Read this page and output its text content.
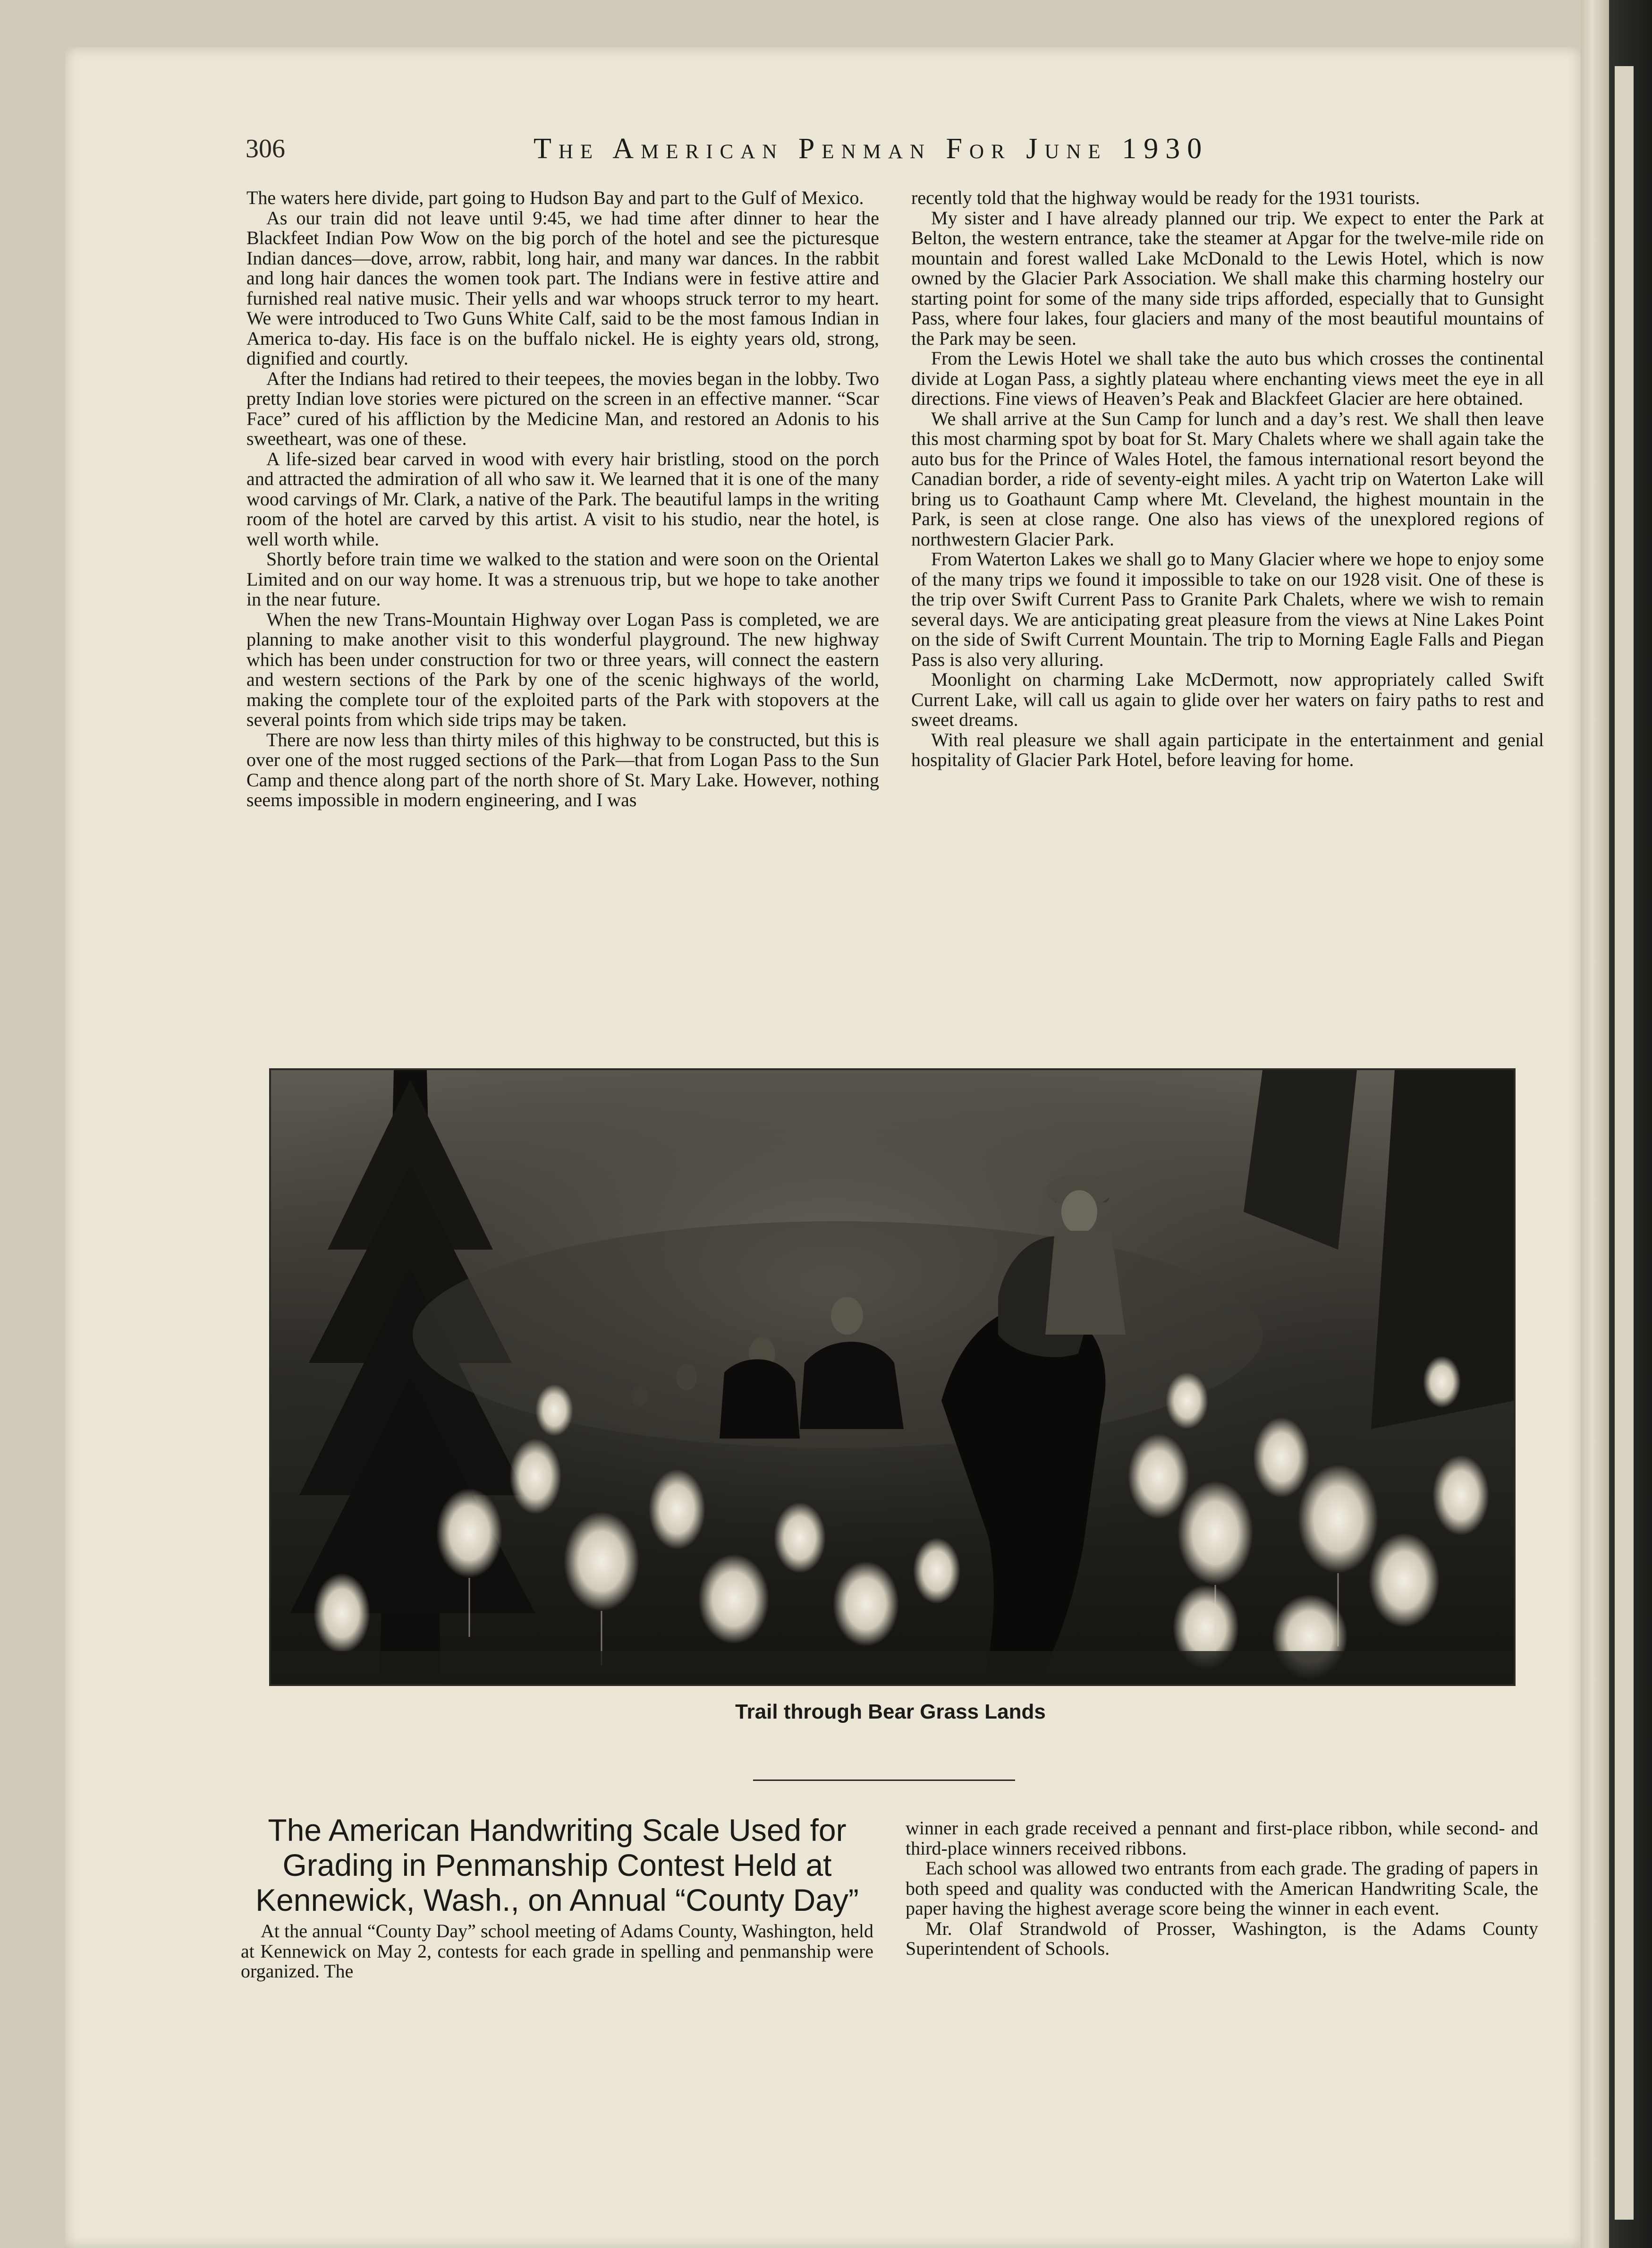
306	The American Penman For June 1930

The waters here divide, part going to Hudson Bay and part to the Gulf of Mexico.

As our train did not leave until 9:45, we had time after dinner to hear the Blackfeet Indian Pow Wow on the big porch of the hotel and see the picturesque Indian dances—dove, arrow, rabbit, long hair, and many war dances. In the rabbit and long hair dances the women took part. The Indians were in festive attire and furnished real native music. Their yells and war whoops struck terror to my heart. We were introduced to Two Guns White Calf, said to be the most famous Indian in America to-day. His face is on the buffalo nickel. He is eighty years old, strong, dignified and courtly.

After the Indians had retired to their teepees, the movies began in the lobby. Two pretty Indian love stories were pictured on the screen in an effective manner. “Scar Face” cured of his affliction by the Medicine Man, and restored an Adonis to his sweetheart, was one of these.

A life-sized bear carved in wood with every hair bristling, stood on the porch and attracted the admiration of all who saw it. We learned that it is one of the many wood carvings of Mr. Clark, a native of the Park. The beautiful lamps in the writing room of the hotel are carved by this artist. A visit to his studio, near the hotel, is well worth while.

Shortly before train time we walked to the station and were soon on the Oriental Limited and on our way home. It was a strenuous trip, but we hope to take another in the near future.

When the new Trans-Mountain Highway over Logan Pass is completed, we are planning to make another visit to this wonderful playground. The new highway which has been under construction for two or three years, will connect the eastern and western sections of the Park by one of the scenic highways of the world, making the complete tour of the exploited parts of the Park with stopovers at the several points from which side trips may be taken.

There are now less than thirty miles of this highway to be constructed, but this is over one of the most rugged sections of the Park—that from Logan Pass to the Sun Camp and thence along part of the north shore of St. Mary Lake. However, nothing seems impossible in modern engineering, and I was

recently told that the highway would be ready for the 1931 tourists.

My sister and I have already planned our trip. We expect to enter the Park at Belton, the western entrance, take the steamer at Apgar for the twelve-mile ride on mountain and forest walled Lake McDonald to the Lewis Hotel, which is now owned by the Glacier Park Association. We shall make this charming hostelry our starting point for some of the many side trips afforded, especially that to Gunsight Pass, where four lakes, four glaciers and many of the most beautiful mountains of the Park may be seen.

From the Lewis Hotel we shall take the auto bus which crosses the continental divide at Logan Pass, a sightly plateau where enchanting views meet the eye in all directions. Fine views of Heaven’s Peak and Blackfeet Glacier are here obtained.

We shall arrive at the Sun Camp for lunch and a day’s rest. We shall then leave this most charming spot by boat for St. Mary Chalets where we shall again take the auto bus for the Prince of Wales Hotel, the famous international resort beyond the Canadian border, a ride of seventy-eight miles. A yacht trip on Waterton Lake will bring us to Goathaunt Camp where Mt. Cleveland, the highest mountain in the Park, is seen at close range. One also has views of the unexplored regions of northwestern Glacier Park.

From Waterton Lakes we shall go to Many Glacier where we hope to enjoy some of the many trips we found it impossible to take on our 1928 visit. One of these is the trip over Swift Current Pass to Granite Park Chalets, where we wish to remain several days. We are anticipating great pleasure from the views at Nine Lakes Point on the side of Swift Current Mountain. The trip to Morning Eagle Falls and Piegan Pass is also very alluring.

Moonlight on charming Lake McDermott, now appropriately called Swift Current Lake, will call us again to glide over her waters on fairy paths to rest and sweet dreams.

With real pleasure we shall again participate in the entertainment and genial hospitality of Glacier Park Hotel, before leaving for home.

Trail through Bear Grass Lands
The American Handwriting Scale Used for Grading in Penmanship Contest Held at Kennewick, Wash., on Annual “County Day”

At the annual “County Day” school meeting of Adams County, Washington, held at Kennewick on May 2, contests for each grade in spelling and penmanship were organized. The

winner in each grade received a pennant and first-place ribbon, while second- and third-place winners received ribbons.

Each school was allowed two entrants from each grade. The grading of papers in both speed and quality was conducted with the American Handwriting Scale, the paper having the highest average score being the winner in each event.

Mr. Olaf Strandwold of Prosser, Washington, is the Adams County Superintendent of Schools.
